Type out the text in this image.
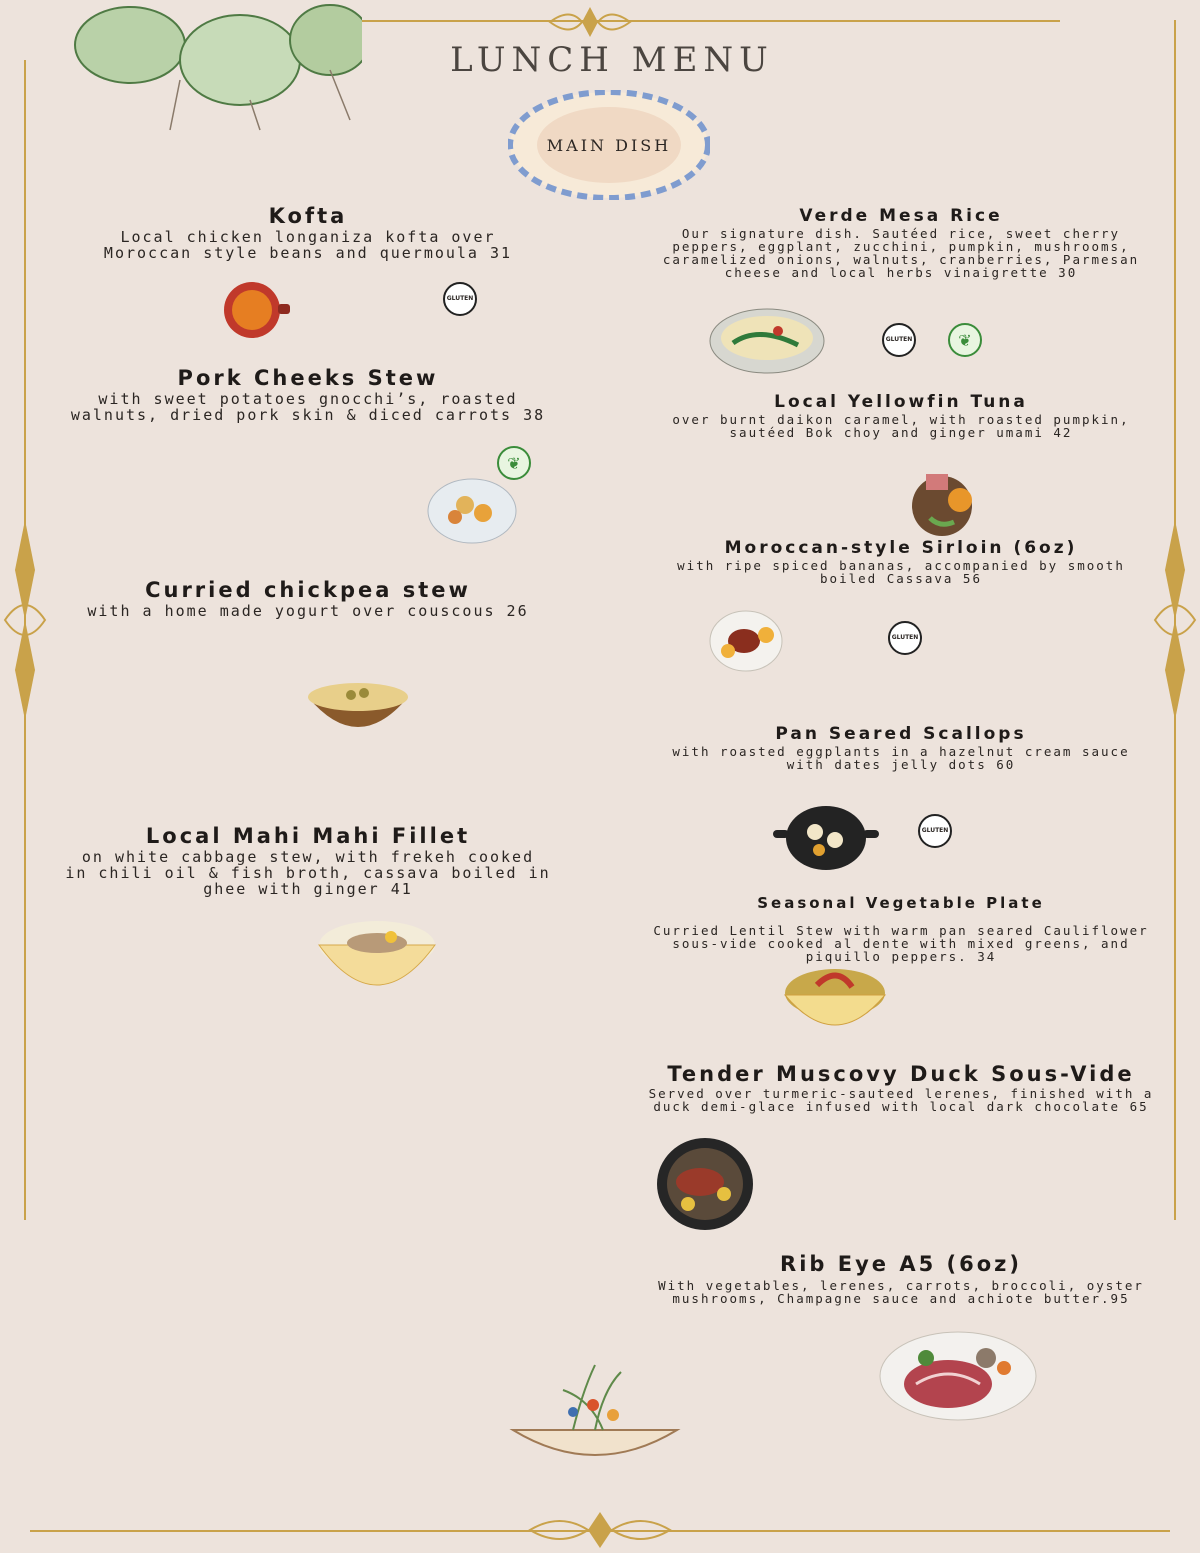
LUNCH MENU
MAIN DISH
Kofta
Local chicken longaniza kofta over
Moroccan style beans and quermoula 31
GLUTEN
Pork Cheeks Stew
with sweet potatoes gnocchi’s, roasted
walnuts, dried pork skin & diced carrots 38
❦
Curried chickpea stew
with a home made yogurt over couscous 26
Local Mahi Mahi Fillet
on white cabbage stew, with frekeh cooked
in chili oil & fish broth, cassava boiled in
ghee with ginger 41
Verde Mesa Rice
Our signature dish. Sautéed rice, sweet cherry
peppers, eggplant, zucchini, pumpkin, mushrooms,
caramelized onions, walnuts, cranberries, Parmesan
cheese and local herbs vinaigrette 30
GLUTEN	❦
Local Yellowfin Tuna
over burnt daikon caramel, with roasted pumpkin,
sautéed Bok choy and ginger umami 42
Moroccan-style Sirloin (6oz)
with ripe spiced bananas, accompanied by smooth
boiled Cassava 56
GLUTEN
Pan Seared Scallops
with roasted eggplants in a hazelnut cream sauce
with dates jelly dots 60
GLUTEN
Seasonal Vegetable Plate
Curried Lentil Stew with warm pan seared Cauliflower
sous-vide cooked al dente with mixed greens, and
piquillo peppers. 34
Tender Muscovy Duck Sous-Vide
Served over turmeric-sauteed lerenes, finished with a
duck demi-glace infused with local dark chocolate 65
Rib Eye A5 (6oz)
With vegetables, lerenes, carrots, broccoli, oyster
mushrooms, Champagne sauce and achiote butter.95
